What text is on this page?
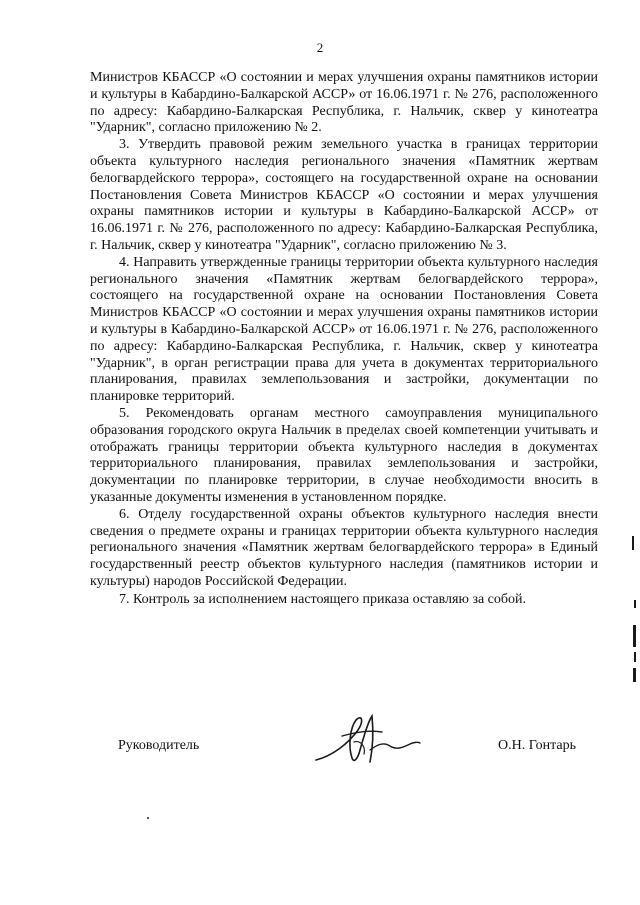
2

Министров КБАССР «О состоянии и мерах улучшения охраны памятников истории и культуры в Кабардино-Балкарской АССР» от 16.06.1971 г. № 276, расположенного по адресу: Кабардино-Балкарская Республика, г. Нальчик, сквер у кинотеатра "Ударник", согласно приложению № 2.

3. Утвердить правовой режим земельного участка в границах территории объекта культурного наследия регионального значения «Памятник жертвам белогвардейского террора», состоящего на государственной охране на основании Постановления Совета Министров КБАССР «О состоянии и мерах улучшения охраны памятников истории и культуры в Кабардино-Балкарской АССР» от 16.06.1971 г. № 276, расположенного по адресу: Кабардино-Балкарская Республика, г. Нальчик, сквер у кинотеатра "Ударник", согласно приложению № 3.

4. Направить утвержденные границы территории объекта культурного наследия регионального значения «Памятник жертвам белогвардейского террора», состоящего на государственной охране на основании Постановления Совета Министров КБАССР «О состоянии и мерах улучшения охраны памятников истории и культуры в Кабардино-Балкарской АССР» от 16.06.1971 г. № 276, расположенного по адресу: Кабардино-Балкарская Республика, г. Нальчик, сквер у кинотеатра "Ударник", в орган регистрации права для учета в документах территориального планирования, правилах землепользования и застройки, документации по планировке территорий.

5. Рекомендовать органам местного самоуправления муниципального образования городского округа Нальчик в пределах своей компетенции учитывать и отображать границы территории объекта культурного наследия в документах территориального планирования, правилах землепользования и застройки, документации по планировке территории, в случае необходимости вносить в указанные документы изменения в установленном порядке.

6. Отделу государственной охраны объектов культурного наследия внести сведения о предмете охраны и границах территории объекта культурного наследия регионального значения «Памятник жертвам белогвардейского террора» в Единый государственный реестр объектов культурного наследия (памятников истории и культуры) народов Российской Федерации.

7. Контроль за исполнением настоящего приказа оставляю за собой.

Руководитель	О.Н. Гонтарь
